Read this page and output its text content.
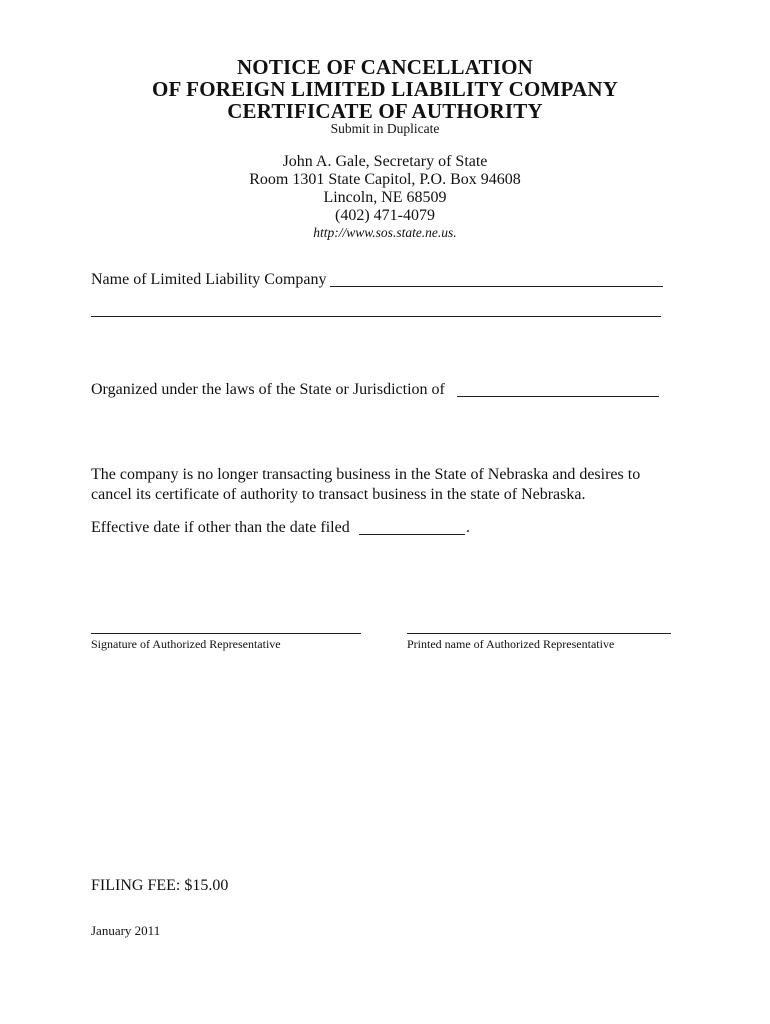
NOTICE OF CANCELLATION
OF FOREIGN LIMITED LIABILITY COMPANY
CERTIFICATE OF AUTHORITY
Submit in Duplicate
John A. Gale, Secretary of State
Room 1301 State Capitol, P.O. Box 94608
Lincoln, NE 68509
(402) 471-4079
http://www.sos.state.ne.us.
Name of Limited Liability Company
Organized under the laws of the State or Jurisdiction of
The company is no longer transacting business in the State of Nebraska and desires to
cancel its certificate of authority to transact business in the state of Nebraska.
Effective date if other than the date filed	.
Signature of Authorized Representative	Printed name of Authorized Representative
FILING FEE: $15.00
January 2011
